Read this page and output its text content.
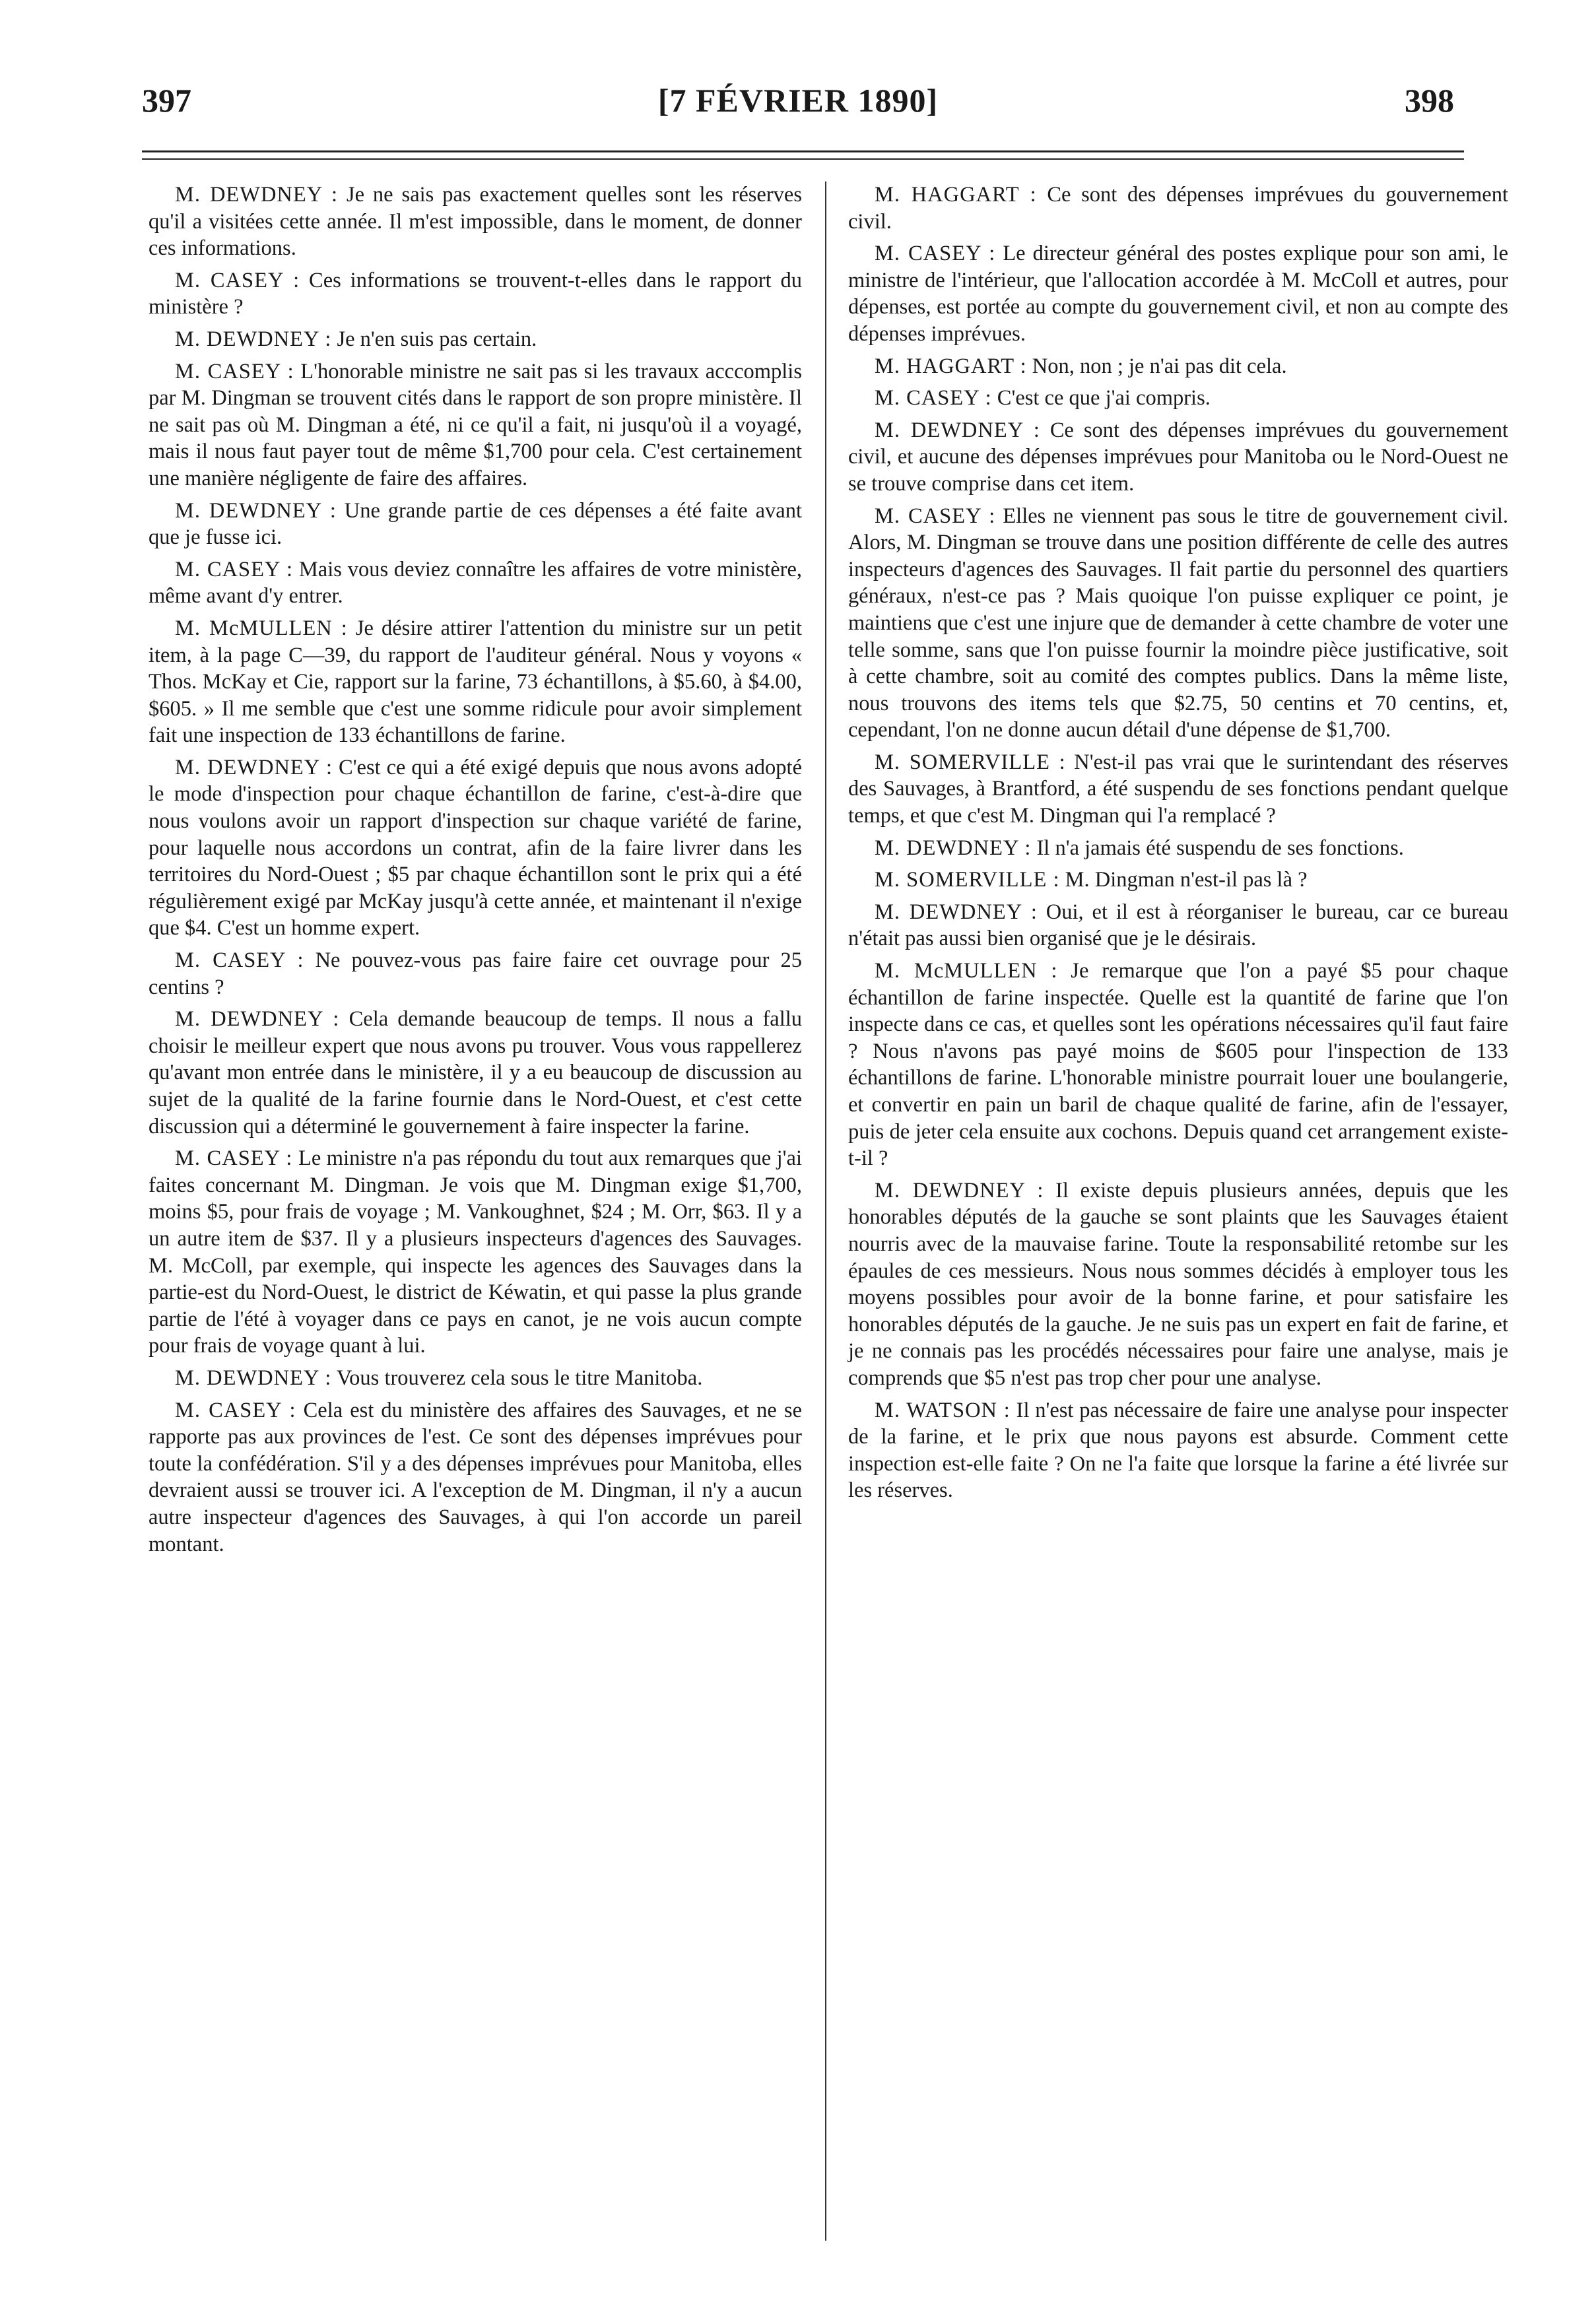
397	[7 FÉVRIER 1890]	398

M. DEWDNEY : Je ne sais pas exactement quelles sont les réserves qu'il a visitées cette année. Il m'est impossible, dans le moment, de donner ces informations.

M. CASEY : Ces informations se trouvent-t-elles dans le rapport du ministère ?

M. DEWDNEY : Je n'en suis pas certain.

M. CASEY : L'honorable ministre ne sait pas si les travaux acccomplis par M. Dingman se trouvent cités dans le rapport de son propre ministère. Il ne sait pas où M. Dingman a été, ni ce qu'il a fait, ni jusqu'où il a voyagé, mais il nous faut payer tout de même $1,700 pour cela. C'est certainement une manière négligente de faire des affaires.

M. DEWDNEY : Une grande partie de ces dépenses a été faite avant que je fusse ici.

M. CASEY : Mais vous deviez connaître les affaires de votre ministère, même avant d'y entrer.

M. McMULLEN : Je désire attirer l'attention du ministre sur un petit item, à la page C—39, du rapport de l'auditeur général. Nous y voyons « Thos. McKay et Cie, rapport sur la farine, 73 échantillons, à $5.60, à $4.00, $605. » Il me semble que c'est une somme ridicule pour avoir simplement fait une inspection de 133 échantillons de farine.

M. DEWDNEY : C'est ce qui a été exigé depuis que nous avons adopté le mode d'inspection pour chaque échantillon de farine, c'est-à-dire que nous voulons avoir un rapport d'inspection sur chaque variété de farine, pour laquelle nous accordons un contrat, afin de la faire livrer dans les territoires du Nord-Ouest ; $5 par chaque échantillon sont le prix qui a été régulièrement exigé par McKay jusqu'à cette année, et maintenant il n'exige que $4. C'est un homme expert.

M. CASEY : Ne pouvez-vous pas faire faire cet ouvrage pour 25 centins ?

M. DEWDNEY : Cela demande beaucoup de temps. Il nous a fallu choisir le meilleur expert que nous avons pu trouver. Vous vous rappellerez qu'avant mon entrée dans le ministère, il y a eu beaucoup de discussion au sujet de la qualité de la farine fournie dans le Nord-Ouest, et c'est cette discussion qui a déterminé le gouvernement à faire inspecter la farine.

M. CASEY : Le ministre n'a pas répondu du tout aux remarques que j'ai faites concernant M. Dingman. Je vois que M. Dingman exige $1,700, moins $5, pour frais de voyage ; M. Vankoughnet, $24 ; M. Orr, $63. Il y a un autre item de $37. Il y a plusieurs inspecteurs d'agences des Sauvages. M. McColl, par exemple, qui inspecte les agences des Sauvages dans la partie-est du Nord-Ouest, le district de Kéwatin, et qui passe la plus grande partie de l'été à voyager dans ce pays en canot, je ne vois aucun compte pour frais de voyage quant à lui.

M. DEWDNEY : Vous trouverez cela sous le titre Manitoba.

M. CASEY : Cela est du ministère des affaires des Sauvages, et ne se rapporte pas aux provinces de l'est. Ce sont des dépenses imprévues pour toute la confédération. S'il y a des dépenses imprévues pour Manitoba, elles devraient aussi se trouver ici. A l'exception de M. Dingman, il n'y a aucun autre inspecteur d'agences des Sauvages, à qui l'on accorde un pareil montant.

M. HAGGART : Ce sont des dépenses imprévues du gouvernement civil.

M. CASEY : Le directeur général des postes explique pour son ami, le ministre de l'intérieur, que l'allocation accordée à M. McColl et autres, pour dépenses, est portée au compte du gouvernement civil, et non au compte des dépenses imprévues.

M. HAGGART : Non, non ; je n'ai pas dit cela.

M. CASEY : C'est ce que j'ai compris.

M. DEWDNEY : Ce sont des dépenses imprévues du gouvernement civil, et aucune des dépenses imprévues pour Manitoba ou le Nord-Ouest ne se trouve comprise dans cet item.

M. CASEY : Elles ne viennent pas sous le titre de gouvernement civil. Alors, M. Dingman se trouve dans une position différente de celle des autres inspecteurs d'agences des Sauvages. Il fait partie du personnel des quartiers généraux, n'est-ce pas ? Mais quoique l'on puisse expliquer ce point, je maintiens que c'est une injure que de demander à cette chambre de voter une telle somme, sans que l'on puisse fournir la moindre pièce justificative, soit à cette chambre, soit au comité des comptes publics. Dans la même liste, nous trouvons des items tels que $2.75, 50 centins et 70 centins, et, cependant, l'on ne donne aucun détail d'une dépense de $1,700.

M. SOMERVILLE : N'est-il pas vrai que le surintendant des réserves des Sauvages, à Brantford, a été suspendu de ses fonctions pendant quelque temps, et que c'est M. Dingman qui l'a remplacé ?

M. DEWDNEY : Il n'a jamais été suspendu de ses fonctions.

M. SOMERVILLE : M. Dingman n'est-il pas là ?

M. DEWDNEY : Oui, et il est à réorganiser le bureau, car ce bureau n'était pas aussi bien organisé que je le désirais.

M. McMULLEN : Je remarque que l'on a payé $5 pour chaque échantillon de farine inspectée. Quelle est la quantité de farine que l'on inspecte dans ce cas, et quelles sont les opérations nécessaires qu'il faut faire ? Nous n'avons pas payé moins de $605 pour l'inspection de 133 échantillons de farine. L'honorable ministre pourrait louer une boulangerie, et convertir en pain un baril de chaque qualité de farine, afin de l'essayer, puis de jeter cela ensuite aux cochons. Depuis quand cet arrangement existe-t-il ?

M. DEWDNEY : Il existe depuis plusieurs années, depuis que les honorables députés de la gauche se sont plaints que les Sauvages étaient nourris avec de la mauvaise farine. Toute la responsabilité retombe sur les épaules de ces messieurs. Nous nous sommes décidés à employer tous les moyens possibles pour avoir de la bonne farine, et pour satisfaire les honorables députés de la gauche. Je ne suis pas un expert en fait de farine, et je ne connais pas les procédés nécessaires pour faire une analyse, mais je comprends que $5 n'est pas trop cher pour une analyse.

M. WATSON : Il n'est pas nécessaire de faire une analyse pour inspecter de la farine, et le prix que nous payons est absurde. Comment cette inspection est-elle faite ? On ne l'a faite que lorsque la farine a été livrée sur les réserves.
